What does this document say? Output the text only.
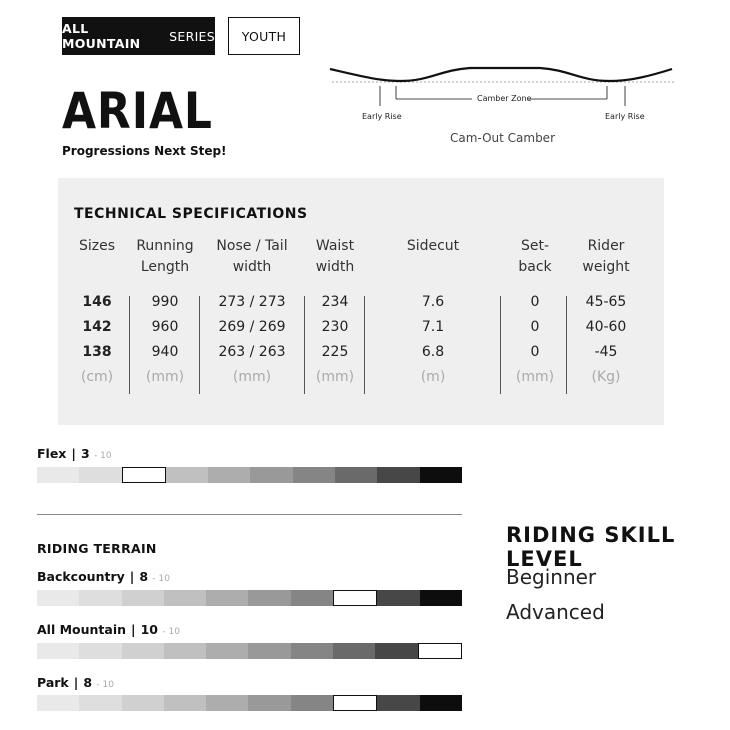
ALL MOUNTAIN	SERIES	YOUTH
ARIAL
Progressions Next Step!
Early Rise
Camber Zone
Early Rise
Cam-Out Camber
TECHNICAL SPECIFICATIONS
Sizes
146
142
138
(cm)
Running
Length
990
960
940
(mm)
Nose / Tail
width
273 / 273
269 / 269
263 / 263
(mm)
Waist
width
234
230
225
(mm)
Sidecut
7.6
7.1
6.8
(m)
Set-
back
0
0
0
(mm)
Rider
weight
45-65
40-60
-45
(Kg)
Flex | 3 - 10
RIDING TERRAIN
Backcountry | 8 - 10
All Mountain | 10 - 10
Park | 8 - 10
RIDING SKILL LEVEL
Beginner
Advanced
